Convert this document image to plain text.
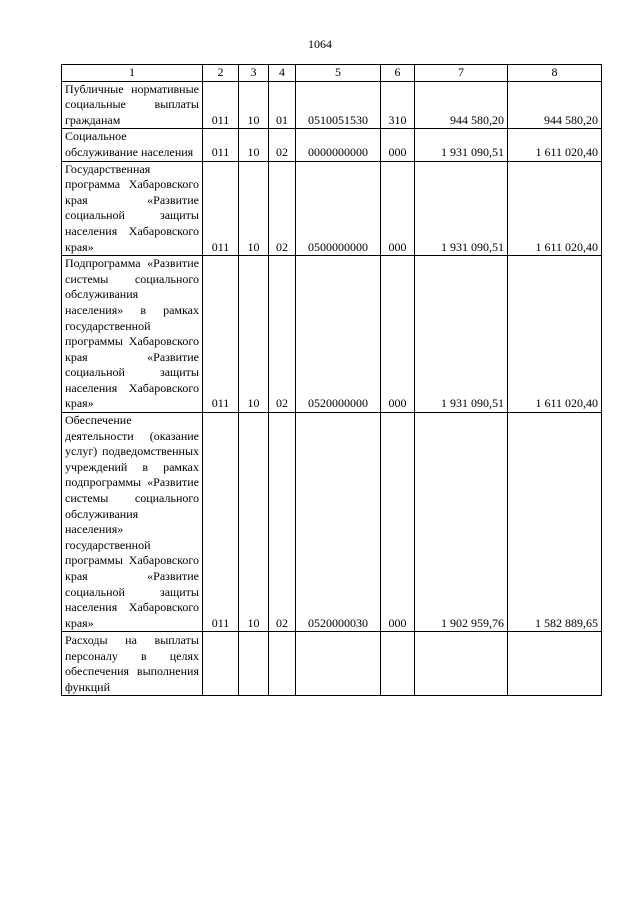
1064
1	2	3	4	5	6	7	8
Публичные нормативные социальные выплаты гражданам	011	10	01	0510051530	310	944 580,20	944 580,20
Социальное обслуживание населения	011	10	02	0000000000	000	1 931 090,51	1 611 020,40
Государственная программа Хабаровского края «Развитие социальной защиты населения Хабаровского края»	011	10	02	0500000000	000	1 931 090,51	1 611 020,40
Подпрограмма «Развитие системы социального обслуживания населения» в рамках государственной программы Хабаровского края «Развитие социальной защиты населения Хабаровского края»	011	10	02	0520000000	000	1 931 090,51	1 611 020,40
Обеспечение деятельности (оказание услуг) подведомственных учреждений в рамках подпрограммы «Развитие системы социального обслуживания населения» государственной программы Хабаровского края «Развитие социальной защиты населения Хабаровского края»	011	10	02	0520000030	000	1 902 959,76	1 582 889,65
Расходы на выплаты персоналу в целях обеспечения выполнения функций							
